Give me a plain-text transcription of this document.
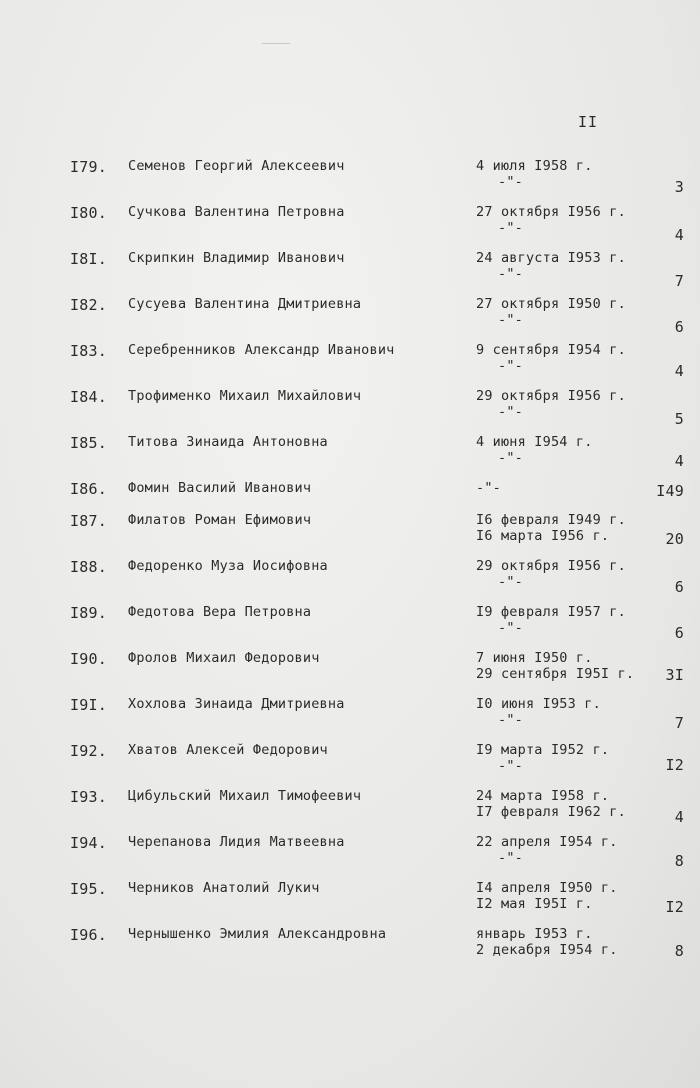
II
I79.	Семенов Георгий Алексеевич	4 июля I958 г.
-"-	3
I80.	Сучкова Валентина Петровна	27 октября I956 г.
-"-	4
I8I.	Скрипкин Владимир Иванович	24 августа I953 г.
-"-	7
I82.	Сусуева Валентина Дмитриевна	27 октября I950 г.
-"-	6
I83.	Серебренников Александр Иванович	9 сентября I954 г.
-"-	4
I84.	Трофименко Михаил Михайлович	29 октября I956 г.
-"-	5
I85.	Титова Зинаида Антоновна	4 июня I954 г.
-"-	4
I86.	Фомин Василий Иванович	-"-	I49
I87.	Филатов Роман Ефимович	I6 февраля I949 г.
I6 марта I956 г.	20
I88.	Федоренко Муза Иосифовна	29 октября I956 г.
-"-	6
I89.	Федотова Вера Петровна	I9 февраля I957 г.
-"-	6
I90.	Фролов Михаил Федорович	7 июня I950 г.
29 сентября I95I г.	3I
I9I.	Хохлова Зинаида Дмитриевна	I0 июня I953 г.
-"-	7
I92.	Хватов Алексей Федорович	I9 марта I952 г.
-"-	I2
I93.	Цибульский Михаил Тимофеевич	24 марта I958 г.
I7 февраля I962 г.	4
I94.	Черепанова Лидия Матвеевна	22 апреля I954 г.
-"-	8
I95.	Черников Анатолий Лукич	I4 апреля I950 г.
I2 мая I95I г.	I2
I96.	Чернышенко Эмилия Александровна	январь I953 г.
2 декабря I954 г.	8
